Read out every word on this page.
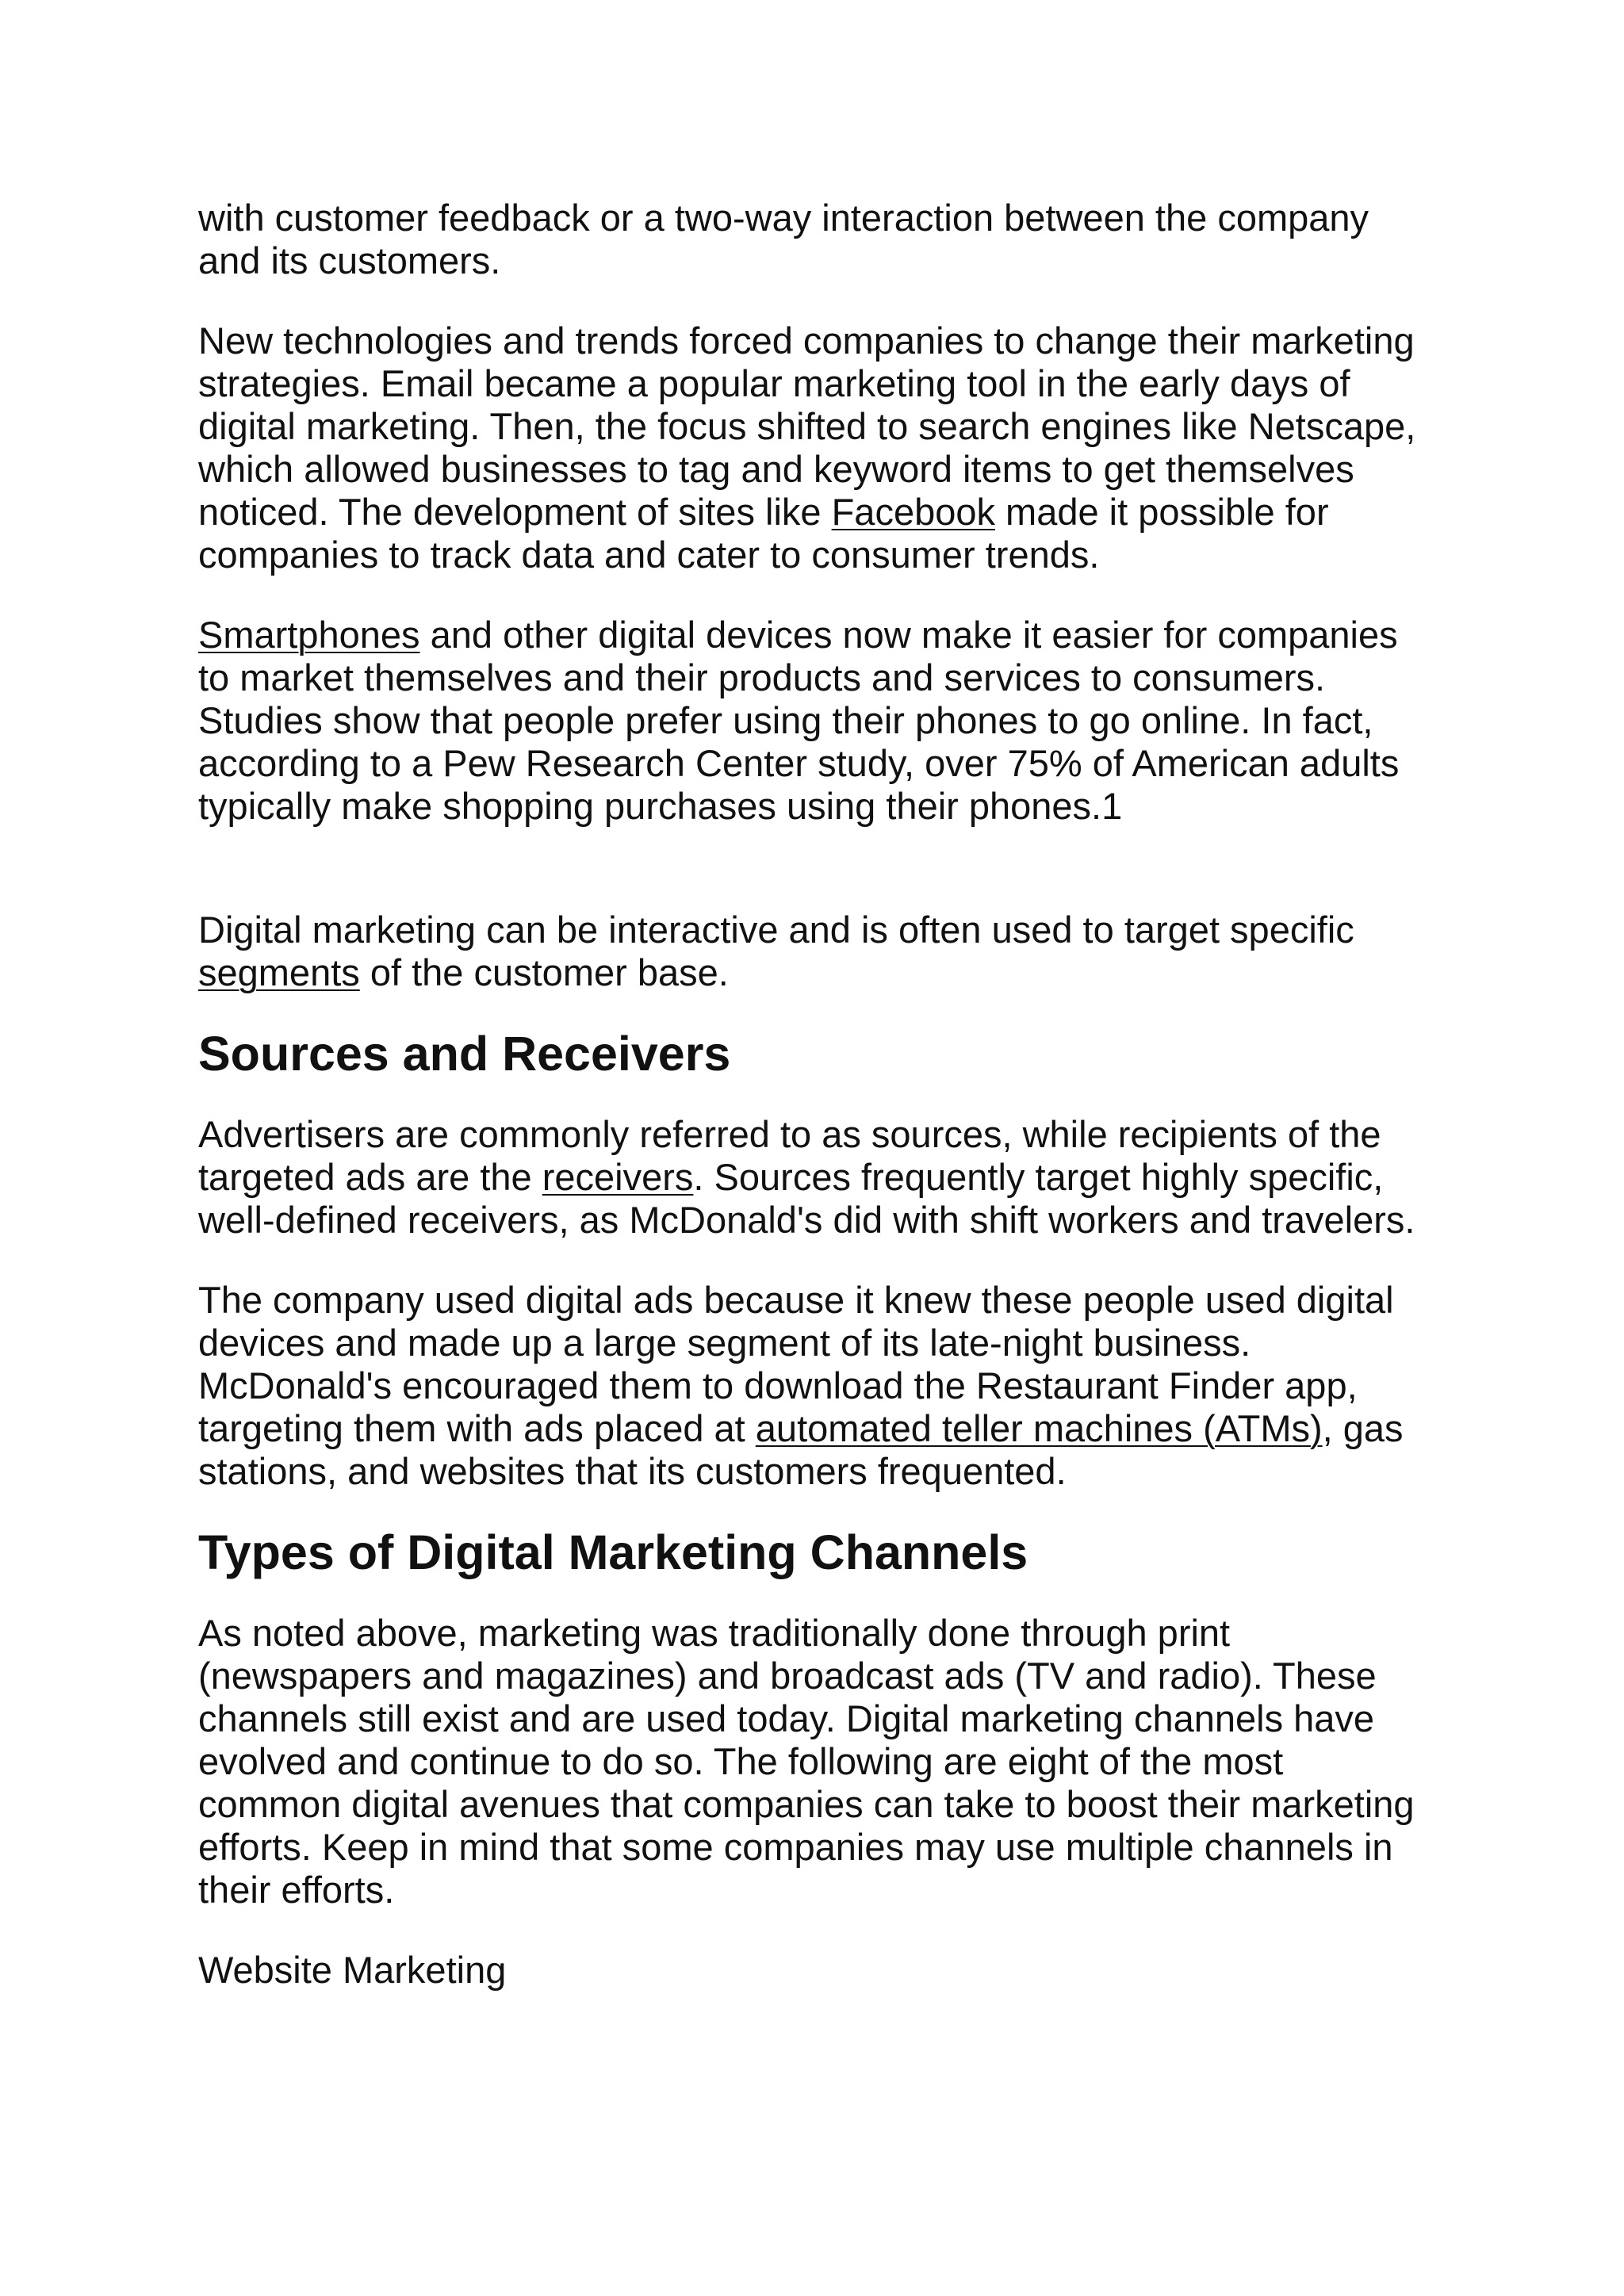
with customer feedback or a two-way interaction between the company and its customers.

New technologies and trends forced companies to change their marketing strategies. Email became a popular marketing tool in the early days of digital marketing. Then, the focus shifted to search engines like Netscape, which allowed businesses to tag and keyword items to get themselves noticed. The development of sites like Facebook made it possible for companies to track data and cater to consumer trends.

Smartphones and other digital devices now make it easier for companies to market themselves and their products and services to consumers. Studies show that people prefer using their phones to go online. In fact, according to a Pew Research Center study, over 75% of American adults typically make shopping purchases using their phones.1

Digital marketing can be interactive and is often used to target specific segments of the customer base.

Sources and Receivers

Advertisers are commonly referred to as sources, while recipients of the targeted ads are the receivers. Sources frequently target highly specific, well-defined receivers, as McDonald's did with shift workers and travelers.

The company used digital ads because it knew these people used digital devices and made up a large segment of its late-night business. McDonald's encouraged them to download the Restaurant Finder app, targeting them with ads placed at automated teller machines (ATMs), gas stations, and websites that its customers frequented.

Types of Digital Marketing Channels

As noted above, marketing was traditionally done through print (newspapers and magazines) and broadcast ads (TV and radio). These channels still exist and are used today. Digital marketing channels have evolved and continue to do so. The following are eight of the most common digital avenues that companies can take to boost their marketing efforts. Keep in mind that some companies may use multiple channels in their efforts.

Website Marketing
